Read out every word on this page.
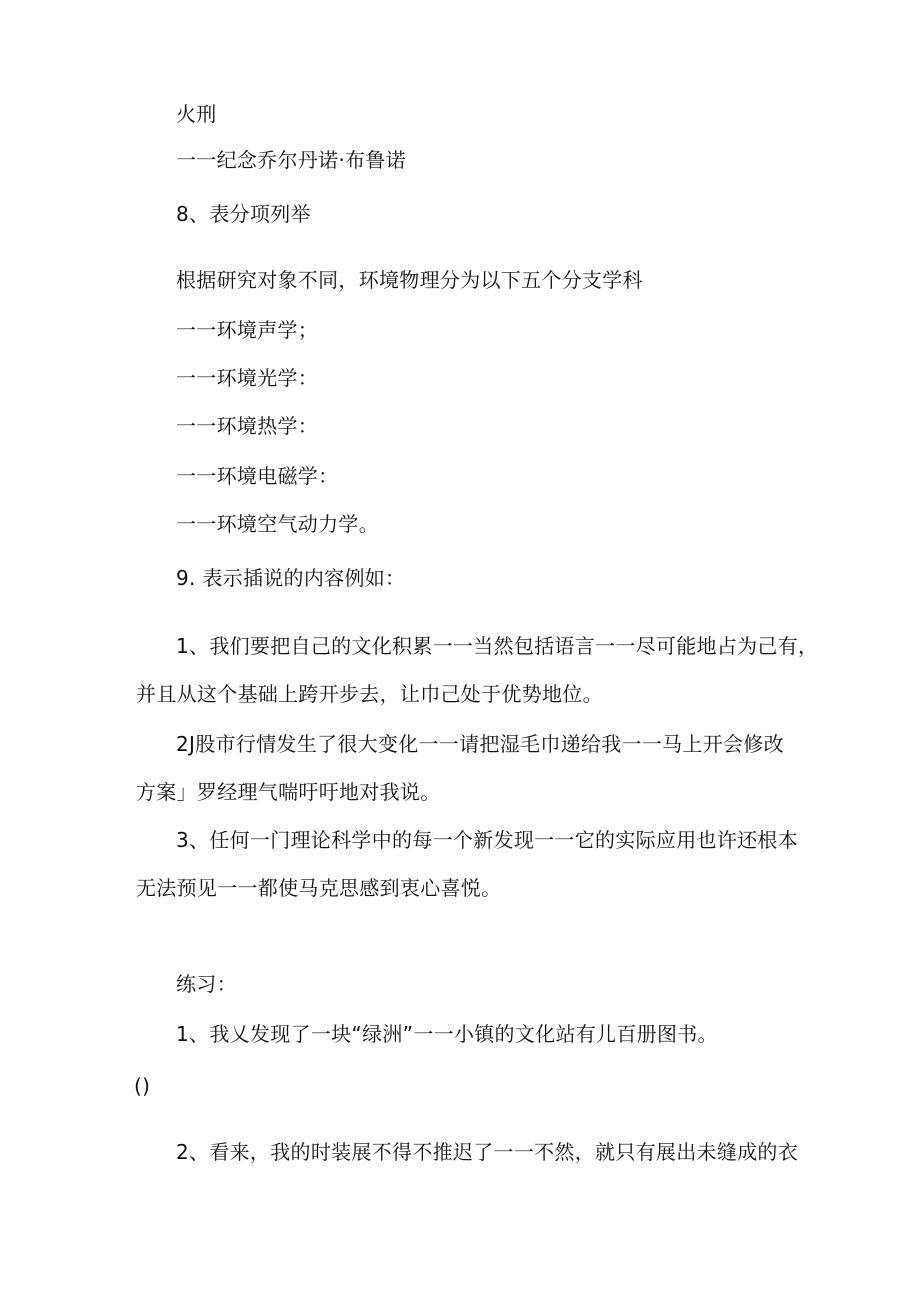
火刑
一一纪念乔尔丹诺·布鲁诺
8、表分项列举
根据研究对象不同，环境物理分为以下五个分支学科
一一环境声学；
一一环境光学：
一一环境热学：
一一环境电磁学：
一一环境空气动力学。
9. 表示插说的内容例如：
1、我们要把自己的文化积累一一当然包括语言一一尽可能地占为己有，
并且从这个基础上跨开步去，让巾己处于优势地位。
2J股市行情发生了很大变化一一请把湿毛巾递给我一一马上开会修改
方案」罗经理气喘吁吁地对我说。
3、任何一门理论科学中的每一个新发现一一它的实际应用也许还根本
无法预见一一都使马克思感到衷心喜悦。
练习：
1、我乂发现了一块“绿洲”一一小镇的文化站有儿百册图书。
()
2、看来，我的时装展不得不推迟了一一不然，就只有展出未缝成的衣
